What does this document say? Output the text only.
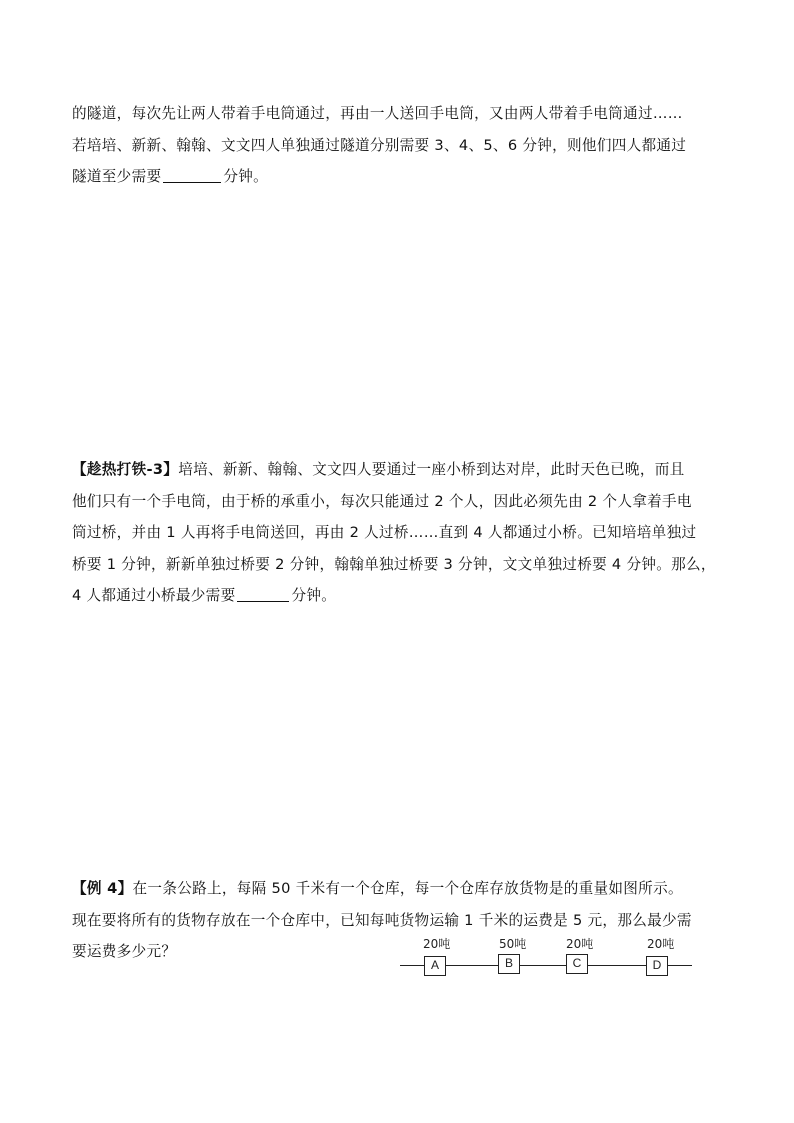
的隧道，每次先让两人带着手电筒通过，再由一人送回手电筒，又由两人带着手电筒通过……
若培培、新新、翰翰、文文四人单独通过隧道分别需要 3、4、5、6 分钟，则他们四人都通过
隧道至少需要	分钟。
【趁热打铁-3】培培、新新、翰翰、文文四人要通过一座小桥到达对岸，此时天色已晚，而且
他们只有一个手电筒，由于桥的承重小，每次只能通过 2 个人，因此必须先由 2 个人拿着手电
筒过桥，并由 1 人再将手电筒送回，再由 2 人过桥……直到 4 人都通过小桥。已知培培单独过
桥要 1 分钟，新新单独过桥要 2 分钟，翰翰单独过桥要 3 分钟，文文单独过桥要 4 分钟。那么，
4 人都通过小桥最少需要	分钟。
【例 4】在一条公路上，每隔 50 千米有一个仓库，每一个仓库存放货物是的重量如图所示。
现在要将所有的货物存放在一个仓库中，已知每吨货物运输 1 千米的运费是 5 元，那么最少需
要运费多少元？	20吨
A
50吨
B
20吨
C
20吨
D
